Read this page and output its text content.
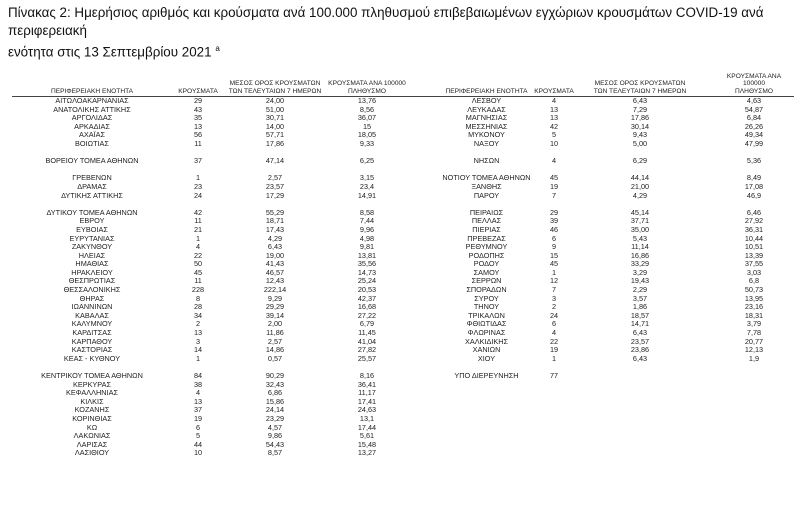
Πίνακας 2: Ημερήσιος αριθμός και κρούσματα ανά 100.000 πληθυσμού επιβεβαιωμένων εγχώριων κρουσμάτων COVID-19 ανά περιφερειακή
ενότητα στις 13 Σεπτεμβρίου 2021 $^a$
ΠΕΡΙΦΕΡΕΙΑΚΗ ΕΝΟΤΗΤΑ	ΚΡΟΥΣΜΑΤΑ
ΜΕΣΟΣ ΟΡΟΣ ΚΡΟΥΣΜΑΤΩΝ
ΤΩΝ ΤΕΛΕΥΤΑΙΩΝ 7 ΗΜΕΡΩΝ
ΚΡΟΥΣΜΑΤΑ ΑΝΑ 100000
ΠΛΗΘΥΣΜΟ
ΑΙΤΩΛΟΑΚΑΡΝΑΝΙΑΣ	29	24,00	13,76
ΑΝΑΤΟΛΙΚΗΣ ΑΤΤΙΚΗΣ	43	51,00	8,56
ΑΡΓΟΛΙΔΑΣ	35	30,71	36,07
ΑΡΚΑΔΙΑΣ	13	14,00	15
ΑΧΑΪΑΣ	56	57,71	18,05
ΒΟΙΩΤΙΑΣ	11	17,86	9,33
ΒΟΡΕΙΟΥ ΤΟΜΕΑ ΑΘΗΝΩΝ	37	47,14	6,25
ΓΡΕΒΕΝΩΝ	1	2,57	3,15
ΔΡΑΜΑΣ	23	23,57	23,4
ΔΥΤΙΚΗΣ ΑΤΤΙΚΗΣ	24	17,29	14,91
ΔΥΤΙΚΟΥ ΤΟΜΕΑ ΑΘΗΝΩΝ	42	55,29	8,58
ΕΒΡΟΥ	11	18,71	7,44
ΕΥΒΟΙΑΣ	21	17,43	9,96
ΕΥΡΥΤΑΝΙΑΣ	1	4,29	4,98
ΖΑΚΥΝΘΟΥ	4	6,43	9,81
ΗΛΕΙΑΣ	22	19,00	13,81
ΗΜΑΘΙΑΣ	50	41,43	35,56
ΗΡΑΚΛΕΙΟΥ	45	46,57	14,73
ΘΕΣΠΡΩΤΙΑΣ	11	12,43	25,24
ΘΕΣΣΑΛΟΝΙΚΗΣ	228	222,14	20,53
ΘΗΡΑΣ	8	9,29	42,37
ΙΩΑΝΝΙΝΩΝ	28	29,29	16,68
ΚΑΒΑΛΑΣ	34	39,14	27,22
ΚΑΛΥΜΝΟΥ	2	2,00	6,79
ΚΑΡΔΙΤΣΑΣ	13	11,86	11,45
ΚΑΡΠΑΘΟΥ	3	2,57	41,04
ΚΑΣΤΟΡΙΑΣ	14	14,86	27,82
ΚΕΑΣ - ΚΥΘΝΟΥ	1	0,57	25,57
ΚΕΝΤΡΙΚΟΥ ΤΟΜΕΑ ΑΘΗΝΩΝ	84	90,29	8,16
ΚΕΡΚΥΡΑΣ	38	32,43	36,41
ΚΕΦΑΛΛΗΝΙΑΣ	4	6,86	11,17
ΚΙΛΚΙΣ	13	15,86	17,41
ΚΟΖΑΝΗΣ	37	24,14	24,63
ΚΟΡΙΝΘΙΑΣ	19	23,29	13,1
ΚΩ	6	4,57	17,44
ΛΑΚΩΝΙΑΣ	5	9,86	5,61
ΛΑΡΙΣΑΣ	44	54,43	15,48
ΛΑΣΙΘΙΟΥ	10	8,57	13,27
ΠΕΡΙΦΕΡΕΙΑΚΗ ΕΝΟΤΗΤΑ	ΚΡΟΥΣΜΑΤΑ
ΜΕΣΟΣ ΟΡΟΣ ΚΡΟΥΣΜΑΤΩΝ
ΤΩΝ ΤΕΛΕΥΤΑΙΩΝ 7 ΗΜΕΡΩΝ
ΚΡΟΥΣΜΑΤΑ ΑΝΑ 100000
ΠΛΗΘΥΣΜΟ
ΛΕΣΒΟΥ	4	6,43	4,63
ΛΕΥΚΑΔΑΣ	13	7,29	54,87
ΜΑΓΝΗΣΙΑΣ	13	17,86	6,84
ΜΕΣΣΗΝΙΑΣ	42	30,14	26,26
ΜΥΚΟΝΟΥ	5	9,43	49,34
ΝΑΞΟΥ	10	5,00	47,99
ΝΗΣΩΝ	4	6,29	5,36
ΝΟΤΙΟΥ ΤΟΜΕΑ ΑΘΗΝΩΝ	45	44,14	8,49
ΞΑΝΘΗΣ	19	21,00	17,08
ΠΑΡΟΥ	7	4,29	46,9
ΠΕΙΡΑΙΩΣ	29	45,14	6,46
ΠΕΛΛΑΣ	39	37,71	27,92
ΠΙΕΡΙΑΣ	46	35,00	36,31
ΠΡΕΒΕΖΑΣ	6	5,43	10,44
ΡΕΘΥΜΝΟΥ	9	11,14	10,51
ΡΟΔΟΠΗΣ	15	16,86	13,39
ΡΟΔΟΥ	45	33,29	37,55
ΣΑΜΟΥ	1	3,29	3,03
ΣΕΡΡΩΝ	12	19,43	6,8
ΣΠΟΡΑΔΩΝ	7	2,29	50,73
ΣΥΡΟΥ	3	3,57	13,95
ΤΗΝΟΥ	2	1,86	23,16
ΤΡΙΚΑΛΩΝ	24	18,57	18,31
ΦΘΙΩΤΙΔΑΣ	6	14,71	3,79
ΦΛΩΡΙΝΑΣ	4	6,43	7,78
ΧΑΛΚΙΔΙΚΗΣ	22	23,57	20,77
ΧΑΝΙΩΝ	19	23,86	12,13
ΧΙΟΥ	1	6,43	1,9
ΥΠΟ ΔΙΕΡΕΥΝΗΣΗ	77
